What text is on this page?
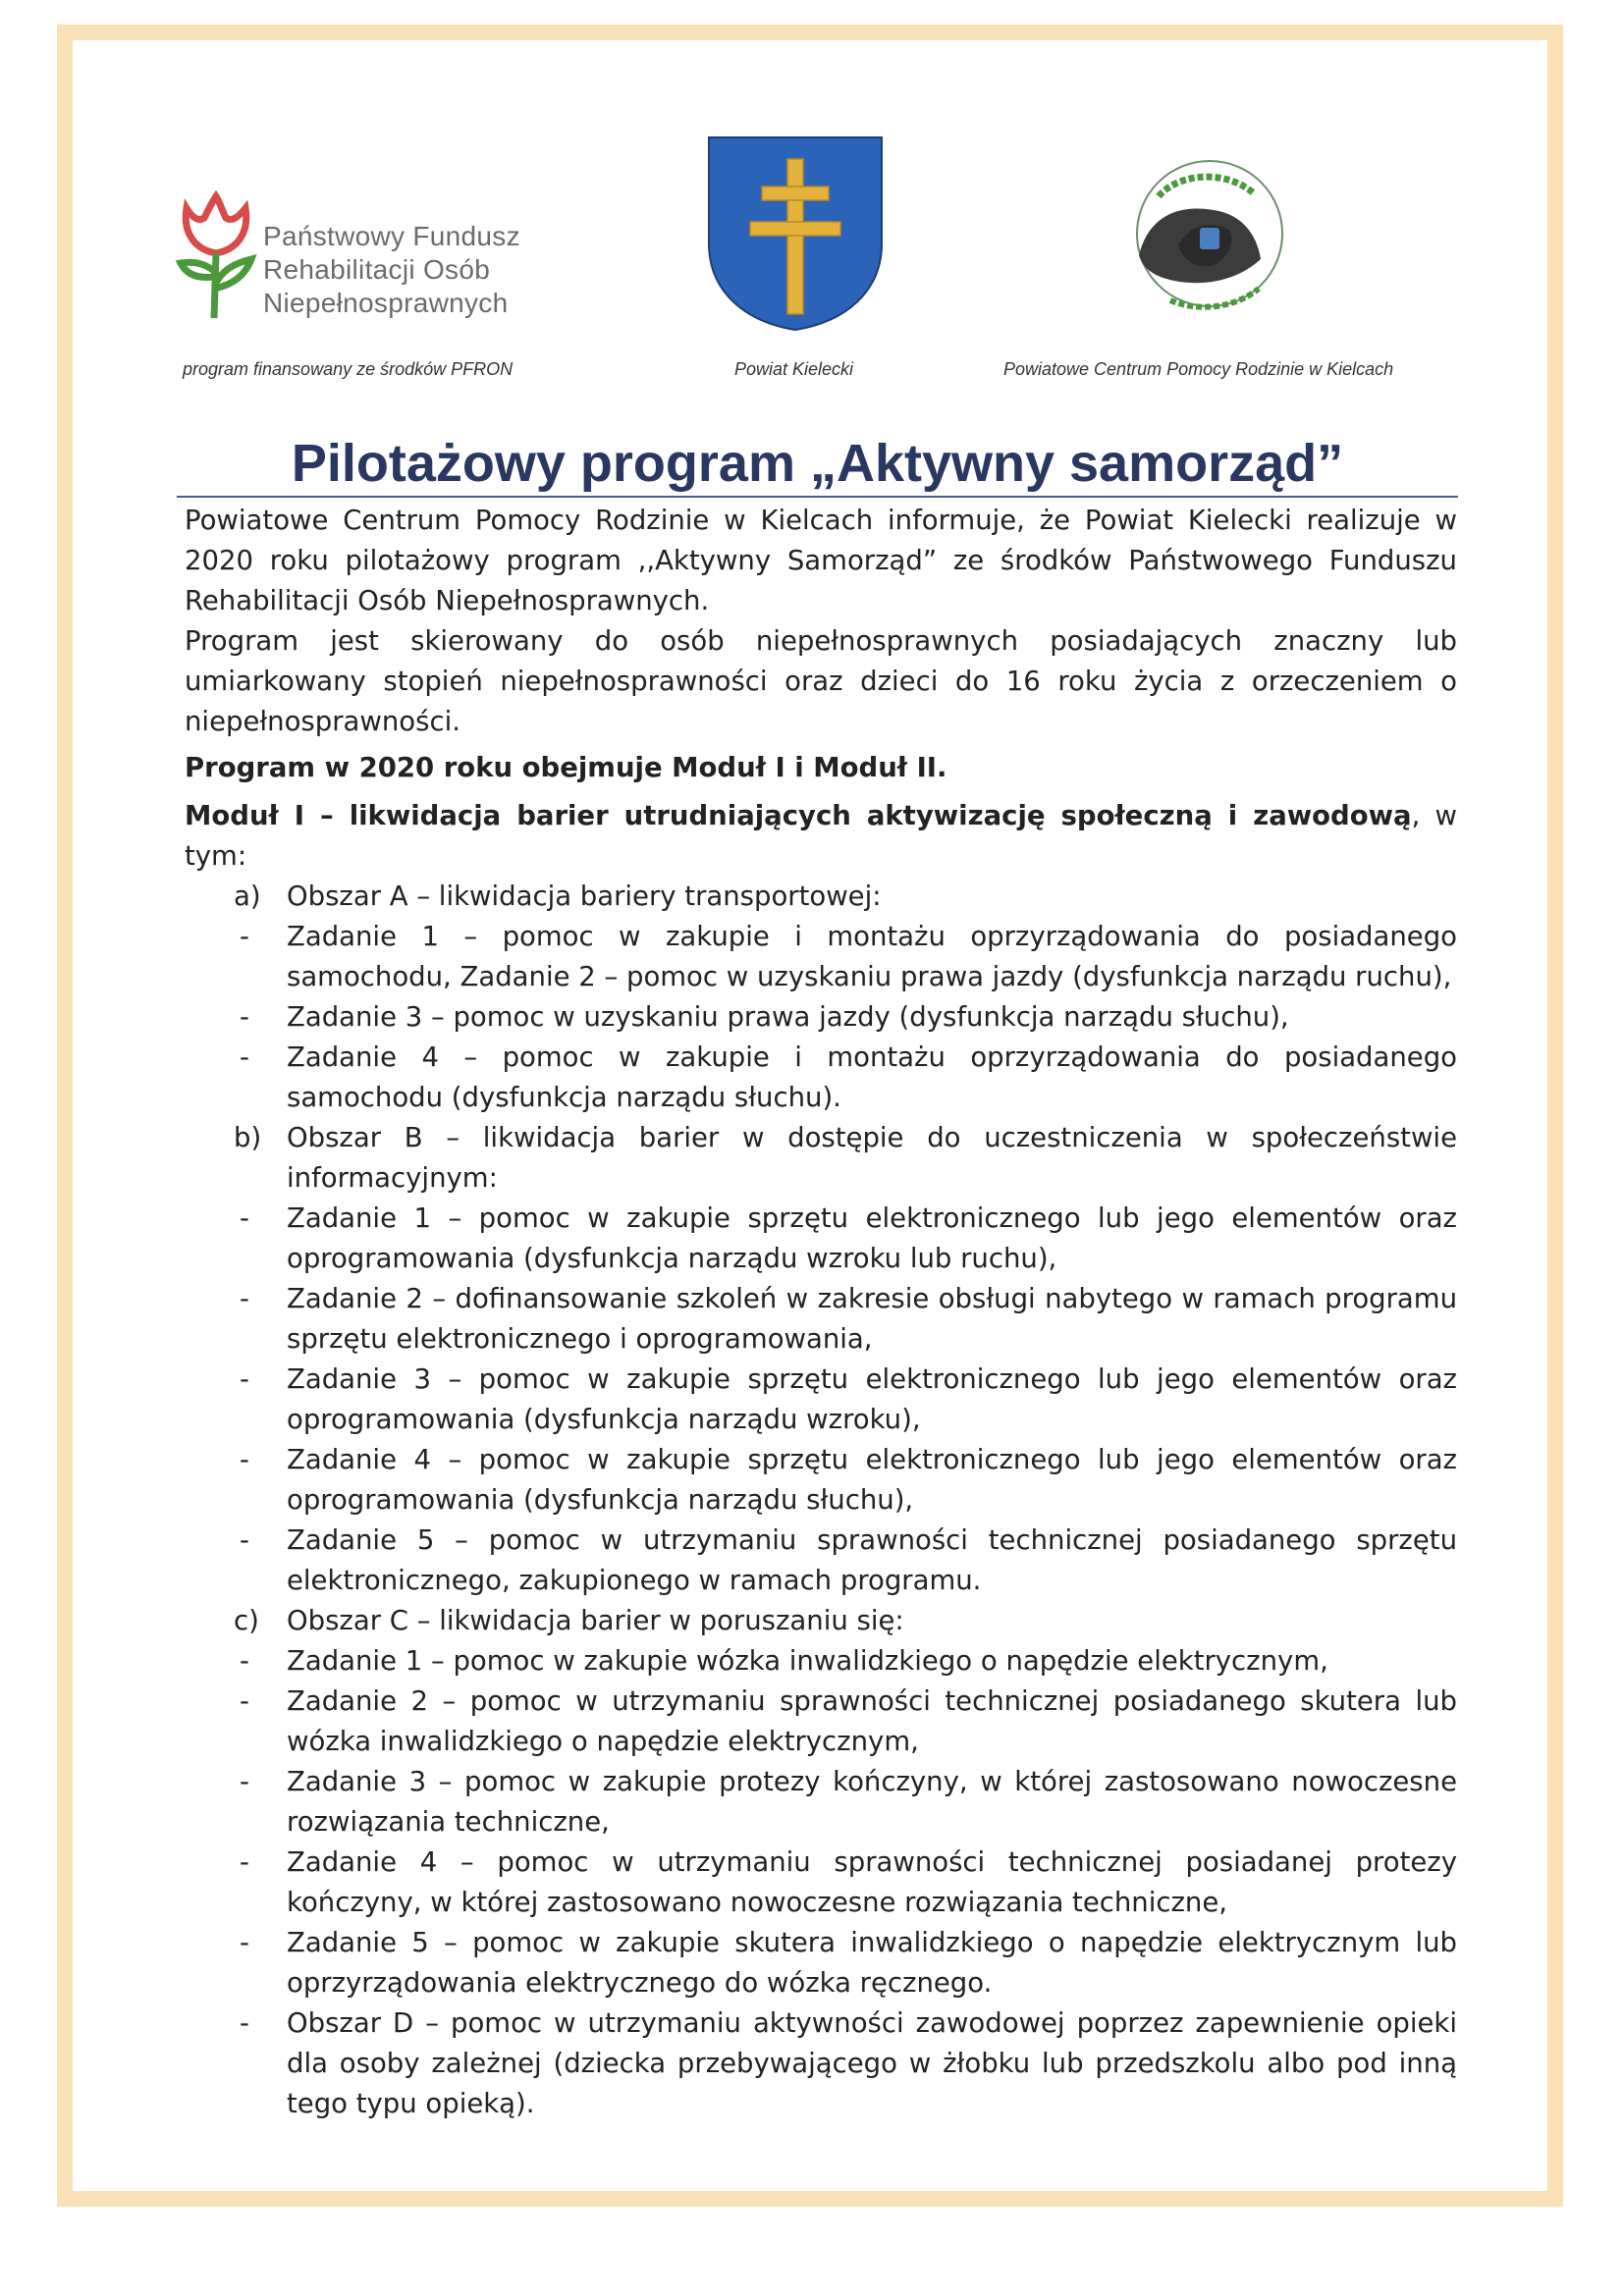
Państwowy Fundusz
Rehabilitacji Osób
Niepełnosprawnych
program finansowany ze środków PFRON	Powiat Kielecki	Powiatowe Centrum Pomocy Rodzinie w Kielcach
Pilotażowy program „Aktywny samorząd”

Powiatowe Centrum Pomocy Rodzinie w Kielcach informuje, że Powiat Kielecki realizuje w 2020 roku pilotażowy program ,,Aktywny Samorząd” ze środków Państwowego Funduszu Rehabilitacji Osób Niepełnosprawnych.

Program jest skierowany do osób niepełnosprawnych posiadających znaczny lub umiarkowany stopień niepełnosprawności oraz dzieci do 16 roku życia z orzeczeniem o niepełnosprawności.

Program w 2020 roku obejmuje Moduł I i Moduł II.

Moduł I – likwidacja barier utrudniających aktywizację społeczną i zawodową, w tym:

a) Obszar A – likwidacja bariery transportowej:
- Zadanie 1 – pomoc w zakupie i montażu oprzyrządowania do posiadanego samochodu, Zadanie 2 – pomoc w uzyskaniu prawa jazdy (dysfunkcja narządu ruchu),
- Zadanie 3 – pomoc w uzyskaniu prawa jazdy (dysfunkcja narządu słuchu),
- Zadanie 4 – pomoc w zakupie i montażu oprzyrządowania do posiadanego samochodu (dysfunkcja narządu słuchu).
b) Obszar B – likwidacja barier w dostępie do uczestniczenia w społeczeństwie informacyjnym:
- Zadanie 1 – pomoc w zakupie sprzętu elektronicznego lub jego elementów oraz oprogramowania (dysfunkcja narządu wzroku lub ruchu),
- Zadanie 2 – dofinansowanie szkoleń w zakresie obsługi nabytego w ramach programu sprzętu elektronicznego i oprogramowania,
- Zadanie 3 – pomoc w zakupie sprzętu elektronicznego lub jego elementów oraz oprogramowania (dysfunkcja narządu wzroku),
- Zadanie 4 – pomoc w zakupie sprzętu elektronicznego lub jego elementów oraz oprogramowania (dysfunkcja narządu słuchu),
- Zadanie 5 – pomoc w utrzymaniu sprawności technicznej posiadanego sprzętu elektronicznego, zakupionego w ramach programu.
c) Obszar C – likwidacja barier w poruszaniu się:
- Zadanie 1 – pomoc w zakupie wózka inwalidzkiego o napędzie elektrycznym,
- Zadanie 2 – pomoc w utrzymaniu sprawności technicznej posiadanego skutera lub wózka inwalidzkiego o napędzie elektrycznym,
- Zadanie 3 – pomoc w zakupie protezy kończyny, w której zastosowano nowoczesne rozwiązania techniczne,
- Zadanie 4 – pomoc w utrzymaniu sprawności technicznej posiadanej protezy kończyny, w której zastosowano nowoczesne rozwiązania techniczne,
- Zadanie 5 – pomoc w zakupie skutera inwalidzkiego o napędzie elektrycznym lub oprzyrządowania elektrycznego do wózka ręcznego.
- Obszar D – pomoc w utrzymaniu aktywności zawodowej poprzez zapewnienie opieki dla osoby zależnej (dziecka przebywającego w żłobku lub przedszkolu albo pod inną tego typu opieką).
